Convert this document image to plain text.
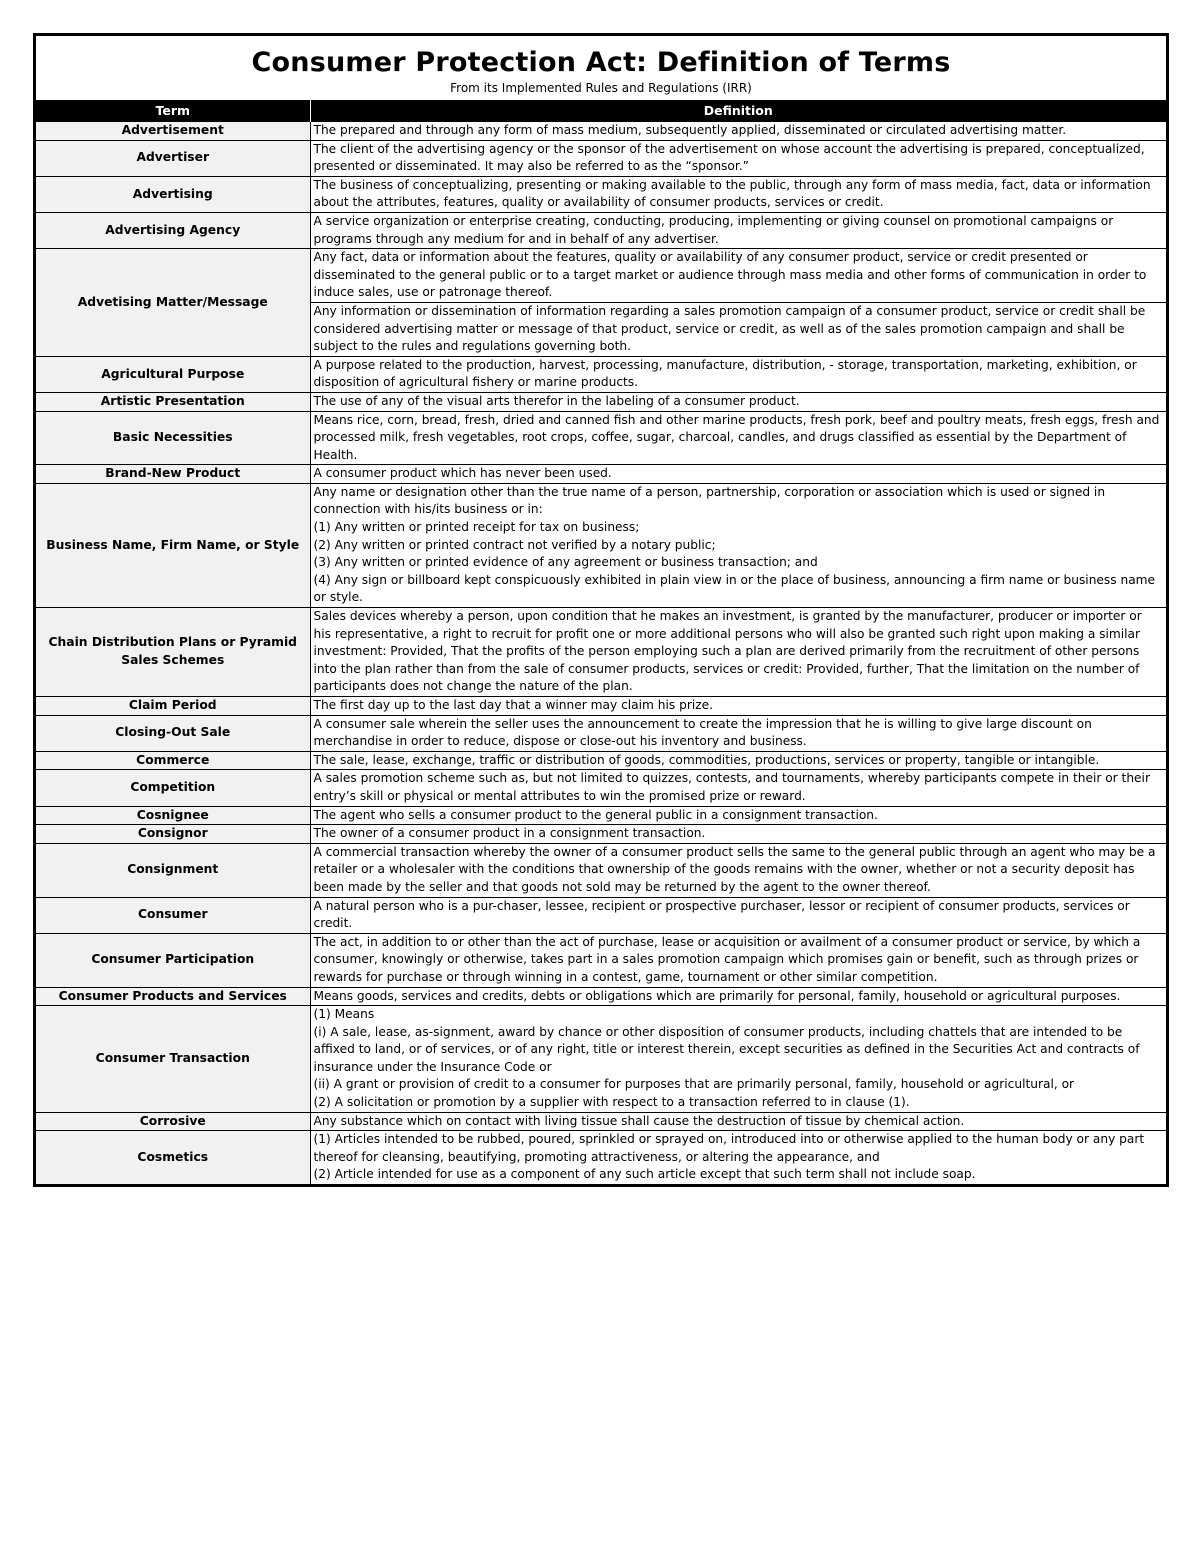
Consumer Protection Act: Definition of Terms
From its Implemented Rules and Regulations (IRR)
Term	Definition
Advertisement	The prepared and through any form of mass medium, subsequently applied, disseminated or circulated advertising matter.

Advertiser	The client of the advertising agency or the sponsor of the advertisement on whose account the advertising is prepared, conceptualized, presented or disseminated. It may also be referred to as the “sponsor.”

Advertising	The business of conceptualizing, presenting or making available to the public, through any form of mass media, fact, data or information about the attributes, features, quality or availability of consumer products, services or credit.

Advertising Agency	A service organization or enterprise creating, conducting, producing, implementing or giving counsel on promotional campaigns or programs through any medium for and in behalf of any advertiser.

Advetising Matter/Message	Any fact, data or information about the features, quality or availability of any consumer product, service or credit presented or disseminated to the general public or to a target market or audience through mass media and other forms of communication in order to induce sales, use or patronage thereof.

	Any information or dissemination of information regarding a sales promotion campaign of a consumer product, service or credit shall be considered advertising matter or message of that product, service or credit, as well as of the sales promotion campaign and shall be subject to the rules and regulations governing both.

Agricultural Purpose	A purpose related to the production, harvest, processing, manufacture, distribution, - storage, transportation, marketing, exhibition, or disposition of agricultural fishery or marine products.

Artistic Presentation	The use of any of the visual arts therefor in the labeling of a consumer product.

Basic Necessities	Means rice, corn, bread, fresh, dried and canned fish and other marine products, fresh pork, beef and poultry meats, fresh eggs, fresh and processed milk, fresh vegetables, root crops, coffee, sugar, charcoal, candles, and drugs classified as essential by the Department of Health.

Brand-New Product	A consumer product which has never been used.

Business Name, Firm Name, or Style	Any name or designation other than the true name of a person, partnership, corporation or association which is used or signed in connection with his/its business or in:
(1) Any written or printed receipt for tax on business;
(2) Any written or printed contract not verified by a notary public;
(3) Any written or printed evidence of any agreement or business transaction; and
(4) Any sign or billboard kept conspicuously exhibited in plain view in or the place of business, announcing a firm name or business name or style.

Chain Distribution Plans or Pyramid Sales Schemes	Sales devices whereby a person, upon condition that he makes an investment, is granted by the manufacturer, producer or importer or his representative, a right to recruit for profit one or more additional persons who will also be granted such right upon making a similar investment: Provided, That the profits of the person employing such a plan are derived primarily from the recruitment of other persons into the plan rather than from the sale of consumer products, services or credit: Provided, further, That the limitation on the number of participants does not change the nature of the plan.

Claim Period	The first day up to the last day that a winner may claim his prize.

Closing-Out Sale	A consumer sale wherein the seller uses the announcement to create the impression that he is willing to give large discount on merchandise in order to reduce, dispose or close-out his inventory and business.

Commerce	The sale, lease, exchange, traffic or distribution of goods, commodities, productions, services or property, tangible or intangible.

Competition	A sales promotion scheme such as, but not limited to quizzes, contests, and tournaments, whereby participants compete in their or their entry’s skill or physical or mental attributes to win the promised prize or reward.

Cosnignee	The agent who sells a consumer product to the general public in a consignment transaction.

Consignor	The owner of a consumer product in a consignment transaction.

Consignment	A commercial transaction whereby the owner of a consumer product sells the same to the general public through an agent who may be a retailer or a wholesaler with the conditions that ownership of the goods remains with the owner, whether or not a security deposit has been made by the seller and that goods not sold may be returned by the agent to the owner thereof.

Consumer	A natural person who is a pur-chaser, lessee, recipient or prospective purchaser, lessor or recipient of consumer products, services or credit.

Consumer Participation	The act, in addition to or other than the act of purchase, lease or acquisition or availment of a consumer product or service, by which a consumer, knowingly or otherwise, takes part in a sales promotion campaign which promises gain or benefit, such as through prizes or rewards for purchase or through winning in a contest, game, tournament or other similar competition.

Consumer Products and Services	Means goods, services and credits, debts or obligations which are primarily for personal, family, household or agricultural purposes.

Consumer Transaction	(1) Means
(i) A sale, lease, as-signment, award by chance or other disposition of consumer products, including chattels that are intended to be affixed to land, or of services, or of any right, title or interest therein, except securities as defined in the Securities Act and contracts of insurance under the Insurance Code or
(ii) A grant or provision of credit to a consumer for purposes that are primarily personal, family, household or agricultural, or
(2) A solicitation or promotion by a supplier with respect to a transaction referred to in clause (1).

Corrosive	Any substance which on contact with living tissue shall cause the destruction of tissue by chemical action.

Cosmetics	(1) Articles intended to be rubbed, poured, sprinkled or sprayed on, introduced into or otherwise applied to the human body or any part thereof for cleansing, beautifying, promoting attractiveness, or altering the appearance, and
(2) Article intended for use as a component of any such article except that such term shall not include soap.
